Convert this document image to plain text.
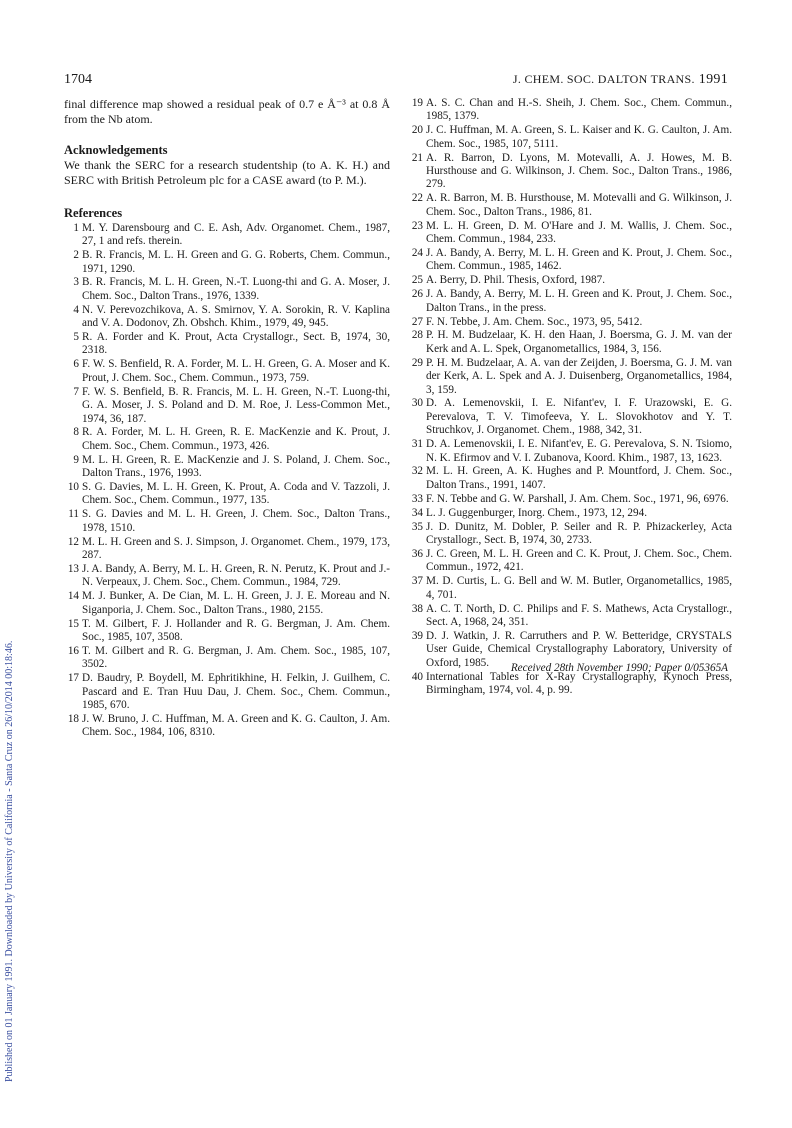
1704	J. CHEM. SOC. DALTON TRANS. 1991
Published on 01 January 1991. Downloaded by University of California - Santa Cruz on 26/10/2014 00:18:46.

final difference map showed a residual peak of 0.7 e Å⁻³ at 0.8 Å from the Nb atom.

Acknowledgements

We thank the SERC for a research studentship (to A. K. H.) and SERC with British Petroleum plc for a CASE award (to P. M.).

References
1 M. Y. Darensbourg and C. E. Ash, Adv. Organomet. Chem., 1987, 27, 1 and refs. therein.
2 B. R. Francis, M. L. H. Green and G. G. Roberts, Chem. Commun., 1971, 1290.
3 B. R. Francis, M. L. H. Green, N.-T. Luong-thi and G. A. Moser, J. Chem. Soc., Dalton Trans., 1976, 1339.
4 N. V. Perevozchikova, A. S. Smirnov, Y. A. Sorokin, R. V. Kaplina and V. A. Dodonov, Zh. Obshch. Khim., 1979, 49, 945.
5 R. A. Forder and K. Prout, Acta Crystallogr., Sect. B, 1974, 30, 2318.
6 F. W. S. Benfield, R. A. Forder, M. L. H. Green, G. A. Moser and K. Prout, J. Chem. Soc., Chem. Commun., 1973, 759.
7 F. W. S. Benfield, B. R. Francis, M. L. H. Green, N.-T. Luong-thi, G. A. Moser, J. S. Poland and D. M. Roe, J. Less-Common Met., 1974, 36, 187.
8 R. A. Forder, M. L. H. Green, R. E. MacKenzie and K. Prout, J. Chem. Soc., Chem. Commun., 1973, 426.
9 M. L. H. Green, R. E. MacKenzie and J. S. Poland, J. Chem. Soc., Dalton Trans., 1976, 1993.
10 S. G. Davies, M. L. H. Green, K. Prout, A. Coda and V. Tazzoli, J. Chem. Soc., Chem. Commun., 1977, 135.
11 S. G. Davies and M. L. H. Green, J. Chem. Soc., Dalton Trans., 1978, 1510.
12 M. L. H. Green and S. J. Simpson, J. Organomet. Chem., 1979, 173, 287.
13 J. A. Bandy, A. Berry, M. L. H. Green, R. N. Perutz, K. Prout and J.-N. Verpeaux, J. Chem. Soc., Chem. Commun., 1984, 729.
14 M. J. Bunker, A. De Cian, M. L. H. Green, J. J. E. Moreau and N. Siganporia, J. Chem. Soc., Dalton Trans., 1980, 2155.
15 T. M. Gilbert, F. J. Hollander and R. G. Bergman, J. Am. Chem. Soc., 1985, 107, 3508.
16 T. M. Gilbert and R. G. Bergman, J. Am. Chem. Soc., 1985, 107, 3502.
17 D. Baudry, P. Boydell, M. Ephritikhine, H. Felkin, J. Guilhem, C. Pascard and E. Tran Huu Dau, J. Chem. Soc., Chem. Commun., 1985, 670.
18 J. W. Bruno, J. C. Huffman, M. A. Green and K. G. Caulton, J. Am. Chem. Soc., 1984, 106, 8310.
19 A. S. C. Chan and H.-S. Sheih, J. Chem. Soc., Chem. Commun., 1985, 1379.
20 J. C. Huffman, M. A. Green, S. L. Kaiser and K. G. Caulton, J. Am. Chem. Soc., 1985, 107, 5111.
21 A. R. Barron, D. Lyons, M. Motevalli, A. J. Howes, M. B. Hursthouse and G. Wilkinson, J. Chem. Soc., Dalton Trans., 1986, 279.
22 A. R. Barron, M. B. Hursthouse, M. Motevalli and G. Wilkinson, J. Chem. Soc., Dalton Trans., 1986, 81.
23 M. L. H. Green, D. M. O'Hare and J. M. Wallis, J. Chem. Soc., Chem. Commun., 1984, 233.
24 J. A. Bandy, A. Berry, M. L. H. Green and K. Prout, J. Chem. Soc., Chem. Commun., 1985, 1462.
25 A. Berry, D. Phil. Thesis, Oxford, 1987.
26 J. A. Bandy, A. Berry, M. L. H. Green and K. Prout, J. Chem. Soc., Dalton Trans., in the press.
27 F. N. Tebbe, J. Am. Chem. Soc., 1973, 95, 5412.
28 P. H. M. Budzelaar, K. H. den Haan, J. Boersma, G. J. M. van der Kerk and A. L. Spek, Organometallics, 1984, 3, 156.
29 P. H. M. Budzelaar, A. A. van der Zeijden, J. Boersma, G. J. M. van der Kerk, A. L. Spek and A. J. Duisenberg, Organometallics, 1984, 3, 159.
30 D. A. Lemenovskii, I. E. Nifant'ev, I. F. Urazowski, E. G. Perevalova, T. V. Timofeeva, Y. L. Slovokhotov and Y. T. Struchkov, J. Organomet. Chem., 1988, 342, 31.
31 D. A. Lemenovskii, I. E. Nifant'ev, E. G. Perevalova, S. N. Tsiomo, N. K. Efirmov and V. I. Zubanova, Koord. Khim., 1987, 13, 1623.
32 M. L. H. Green, A. K. Hughes and P. Mountford, J. Chem. Soc., Dalton Trans., 1991, 1407.
33 F. N. Tebbe and G. W. Parshall, J. Am. Chem. Soc., 1971, 96, 6976.
34 L. J. Guggenburger, Inorg. Chem., 1973, 12, 294.
35 J. D. Dunitz, M. Dobler, P. Seiler and R. P. Phizackerley, Acta Crystallogr., Sect. B, 1974, 30, 2733.
36 J. C. Green, M. L. H. Green and C. K. Prout, J. Chem. Soc., Chem. Commun., 1972, 421.
37 M. D. Curtis, L. G. Bell and W. M. Butler, Organometallics, 1985, 4, 701.
38 A. C. T. North, D. C. Philips and F. S. Mathews, Acta Crystallogr., Sect. A, 1968, 24, 351.
39 D. J. Watkin, J. R. Carruthers and P. W. Betteridge, CRYSTALS User Guide, Chemical Crystallography Laboratory, University of Oxford, 1985.
40 International Tables for X-Ray Crystallography, Kynoch Press, Birmingham, 1974, vol. 4, p. 99.
Received 28th November 1990; Paper 0/05365A
